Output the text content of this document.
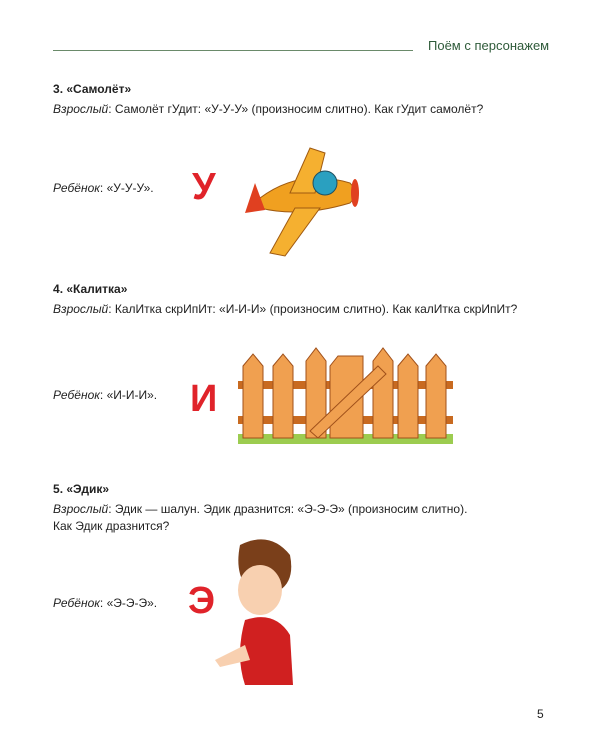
Поём с персонажем
3. «Самолёт»
Взрослый: Самолёт гУдит: «У-У-У» (произносим слитно). Как гУдит самолёт?
Ребёнок: «У-У-У». У
4. «Калитка»
Взрослый: КалИтка скрИпИт: «И-И-И» (произносим слитно). Как калИтка скрИпИт?
Ребёнок: «И-И-И». И
5. «Эдик»
Взрослый: Эдик — шалун. Эдик дразнится: «Э-Э-Э» (произносим слитно).
Как Эдик дразнится?
Ребёнок: «Э-Э-Э». Э
5
